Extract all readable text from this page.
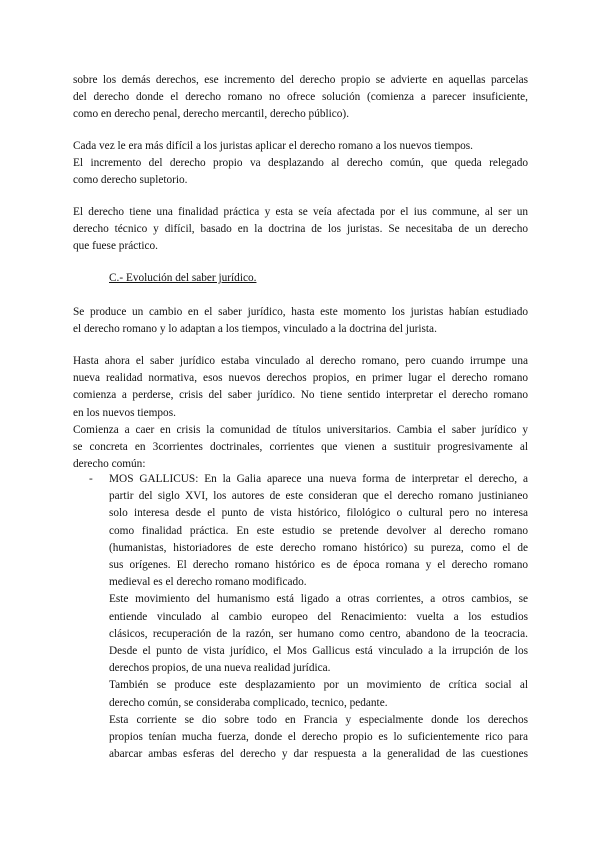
sobre los demás derechos, ese incremento del derecho propio se advierte en aquellas parcelas
del derecho donde el derecho romano no ofrece solución (comienza a parecer insuficiente,
como en derecho penal, derecho mercantil, derecho público).

Cada vez le era más difícil a los juristas aplicar el derecho romano a los nuevos tiempos.
El incremento del derecho propio va desplazando al derecho común, que queda relegado
como derecho supletorio.

El derecho tiene una finalidad práctica y esta se veía afectada por el ius commune, al ser un
derecho técnico y difícil, basado en la doctrina de los juristas. Se necesitaba de un derecho
que fuese práctico.

C.- Evolución del saber jurídico.

Se produce un cambio en el saber jurídico, hasta este momento los juristas habían estudiado
el derecho romano y lo adaptan a los tiempos, vinculado a la doctrina del jurista.

Hasta ahora el saber jurídico estaba vinculado al derecho romano, pero cuando irrumpe una
nueva realidad normativa, esos nuevos derechos propios, en primer lugar el derecho romano
comienza a perderse, crisis del saber jurídico. No tiene sentido interpretar el derecho romano
en los nuevos tiempos.
Comienza a caer en crisis la comunidad de títulos universitarios. Cambia el saber jurídico y
se concreta en 3corrientes doctrinales, corrientes que vienen a sustituir progresivamente al
derecho común:

- MOS GALLICUS: En la Galia aparece una nueva forma de interpretar el derecho, a
partir del siglo XVI, los autores de este consideran que el derecho romano justinianeo
solo interesa desde el punto de vista histórico, filológico o cultural pero no interesa
como finalidad práctica. En este estudio se pretende devolver al derecho romano
(humanistas, historiadores de este derecho romano histórico) su pureza, como el de
sus orígenes. El derecho romano histórico es de época romana y el derecho romano
medieval es el derecho romano modificado.
Este movimiento del humanismo está ligado a otras corrientes, a otros cambios, se
entiende vinculado al cambio europeo del Renacimiento: vuelta a los estudios
clásicos, recuperación de la razón, ser humano como centro, abandono de la teocracia.
Desde el punto de vista jurídico, el Mos Gallicus está vinculado a la irrupción de los
derechos propios, de una nueva realidad jurídica.
También se produce este desplazamiento por un movimiento de crítica social al
derecho común, se consideraba complicado, tecnico, pedante.
Esta corriente se dio sobre todo en Francia y especialmente donde los derechos
propios tenían mucha fuerza, donde el derecho propio es lo suficientemente rico para
abarcar ambas esferas del derecho y dar respuesta a la generalidad de las cuestiones
